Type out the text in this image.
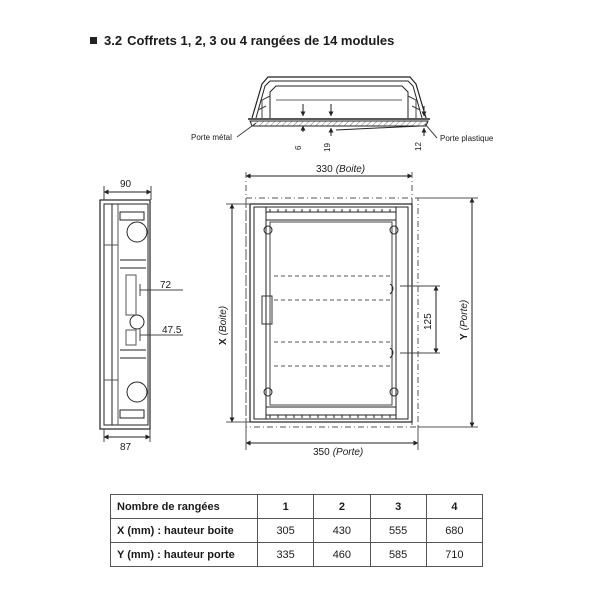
3.2 Coffrets 1, 2, 3 ou 4 rangées de 14 modules
Porte métal	Porte plastique
6	19	12
90
72
47.5
87
330 (Boite)
350 (Porte)
X(Boite)
Y(Porte)
125
Nombre de rangées	1	2	3	4
X (mm) : hauteur boite	305	430	555	680
Y (mm) : hauteur porte	335	460	585	710
